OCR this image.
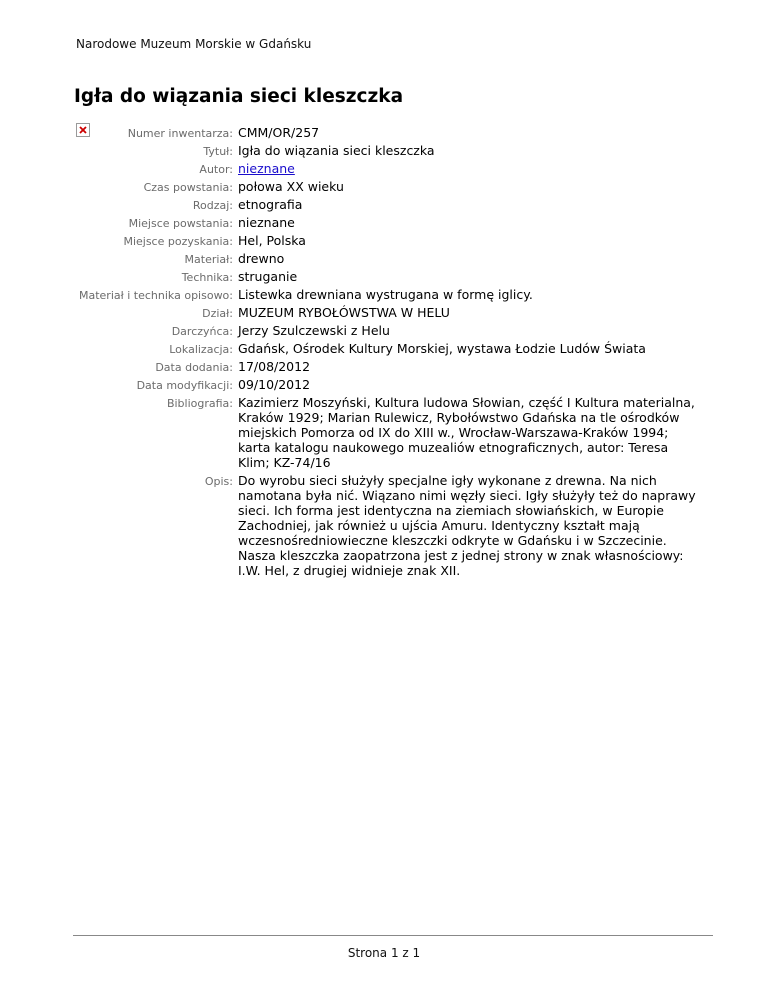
Narodowe Muzeum Morskie w Gdańsku
Igła do wiązania sieci kleszczka
Numer inwentarza: CMM/OR/257
Tytuł: Igła do wiązania sieci kleszczka
Autor: nieznane
Czas powstania: połowa XX wieku
Rodzaj: etnografia
Miejsce powstania: nieznane
Miejsce pozyskania: Hel, Polska
Materiał: drewno
Technika: struganie
Materiał i technika opisowo: Listewka drewniana wystrugana w formę iglicy.
Dział: MUZEUM RYBOŁÓWSTWA W HELU
Darczyńca: Jerzy Szulczewski z Helu
Lokalizacja: Gdańsk, Ośrodek Kultury Morskiej, wystawa Łodzie Ludów Świata
Data dodania: 17/08/2012
Data modyfikacji: 09/10/2012
Bibliografia: Kazimierz Moszyński, Kultura ludowa Słowian, część I Kultura materialna, Kraków 1929; Marian Rulewicz, Rybołówstwo Gdańska na tle ośrodków miejskich Pomorza od IX do XIII w., Wrocław-Warszawa-Kraków 1994; karta katalogu naukowego muzealiów etnograficznych, autor: Teresa Klim; KZ-74/16
Opis: Do wyrobu sieci służyły specjalne igły wykonane z drewna. Na nich namotana była nić. Wiązano nimi węzły sieci. Igły służyły też do naprawy sieci. Ich forma jest identyczna na ziemiach słowiańskich, w Europie Zachodniej, jak również u ujścia Amuru. Identyczny kształt mają wczesnośredniowieczne kleszczki odkryte w Gdańsku i w Szczecinie. Nasza kleszczka zaopatrzona jest z jednej strony w znak własnościowy: I.W. Hel, z drugiej widnieje znak XII.
Strona 1 z 1
